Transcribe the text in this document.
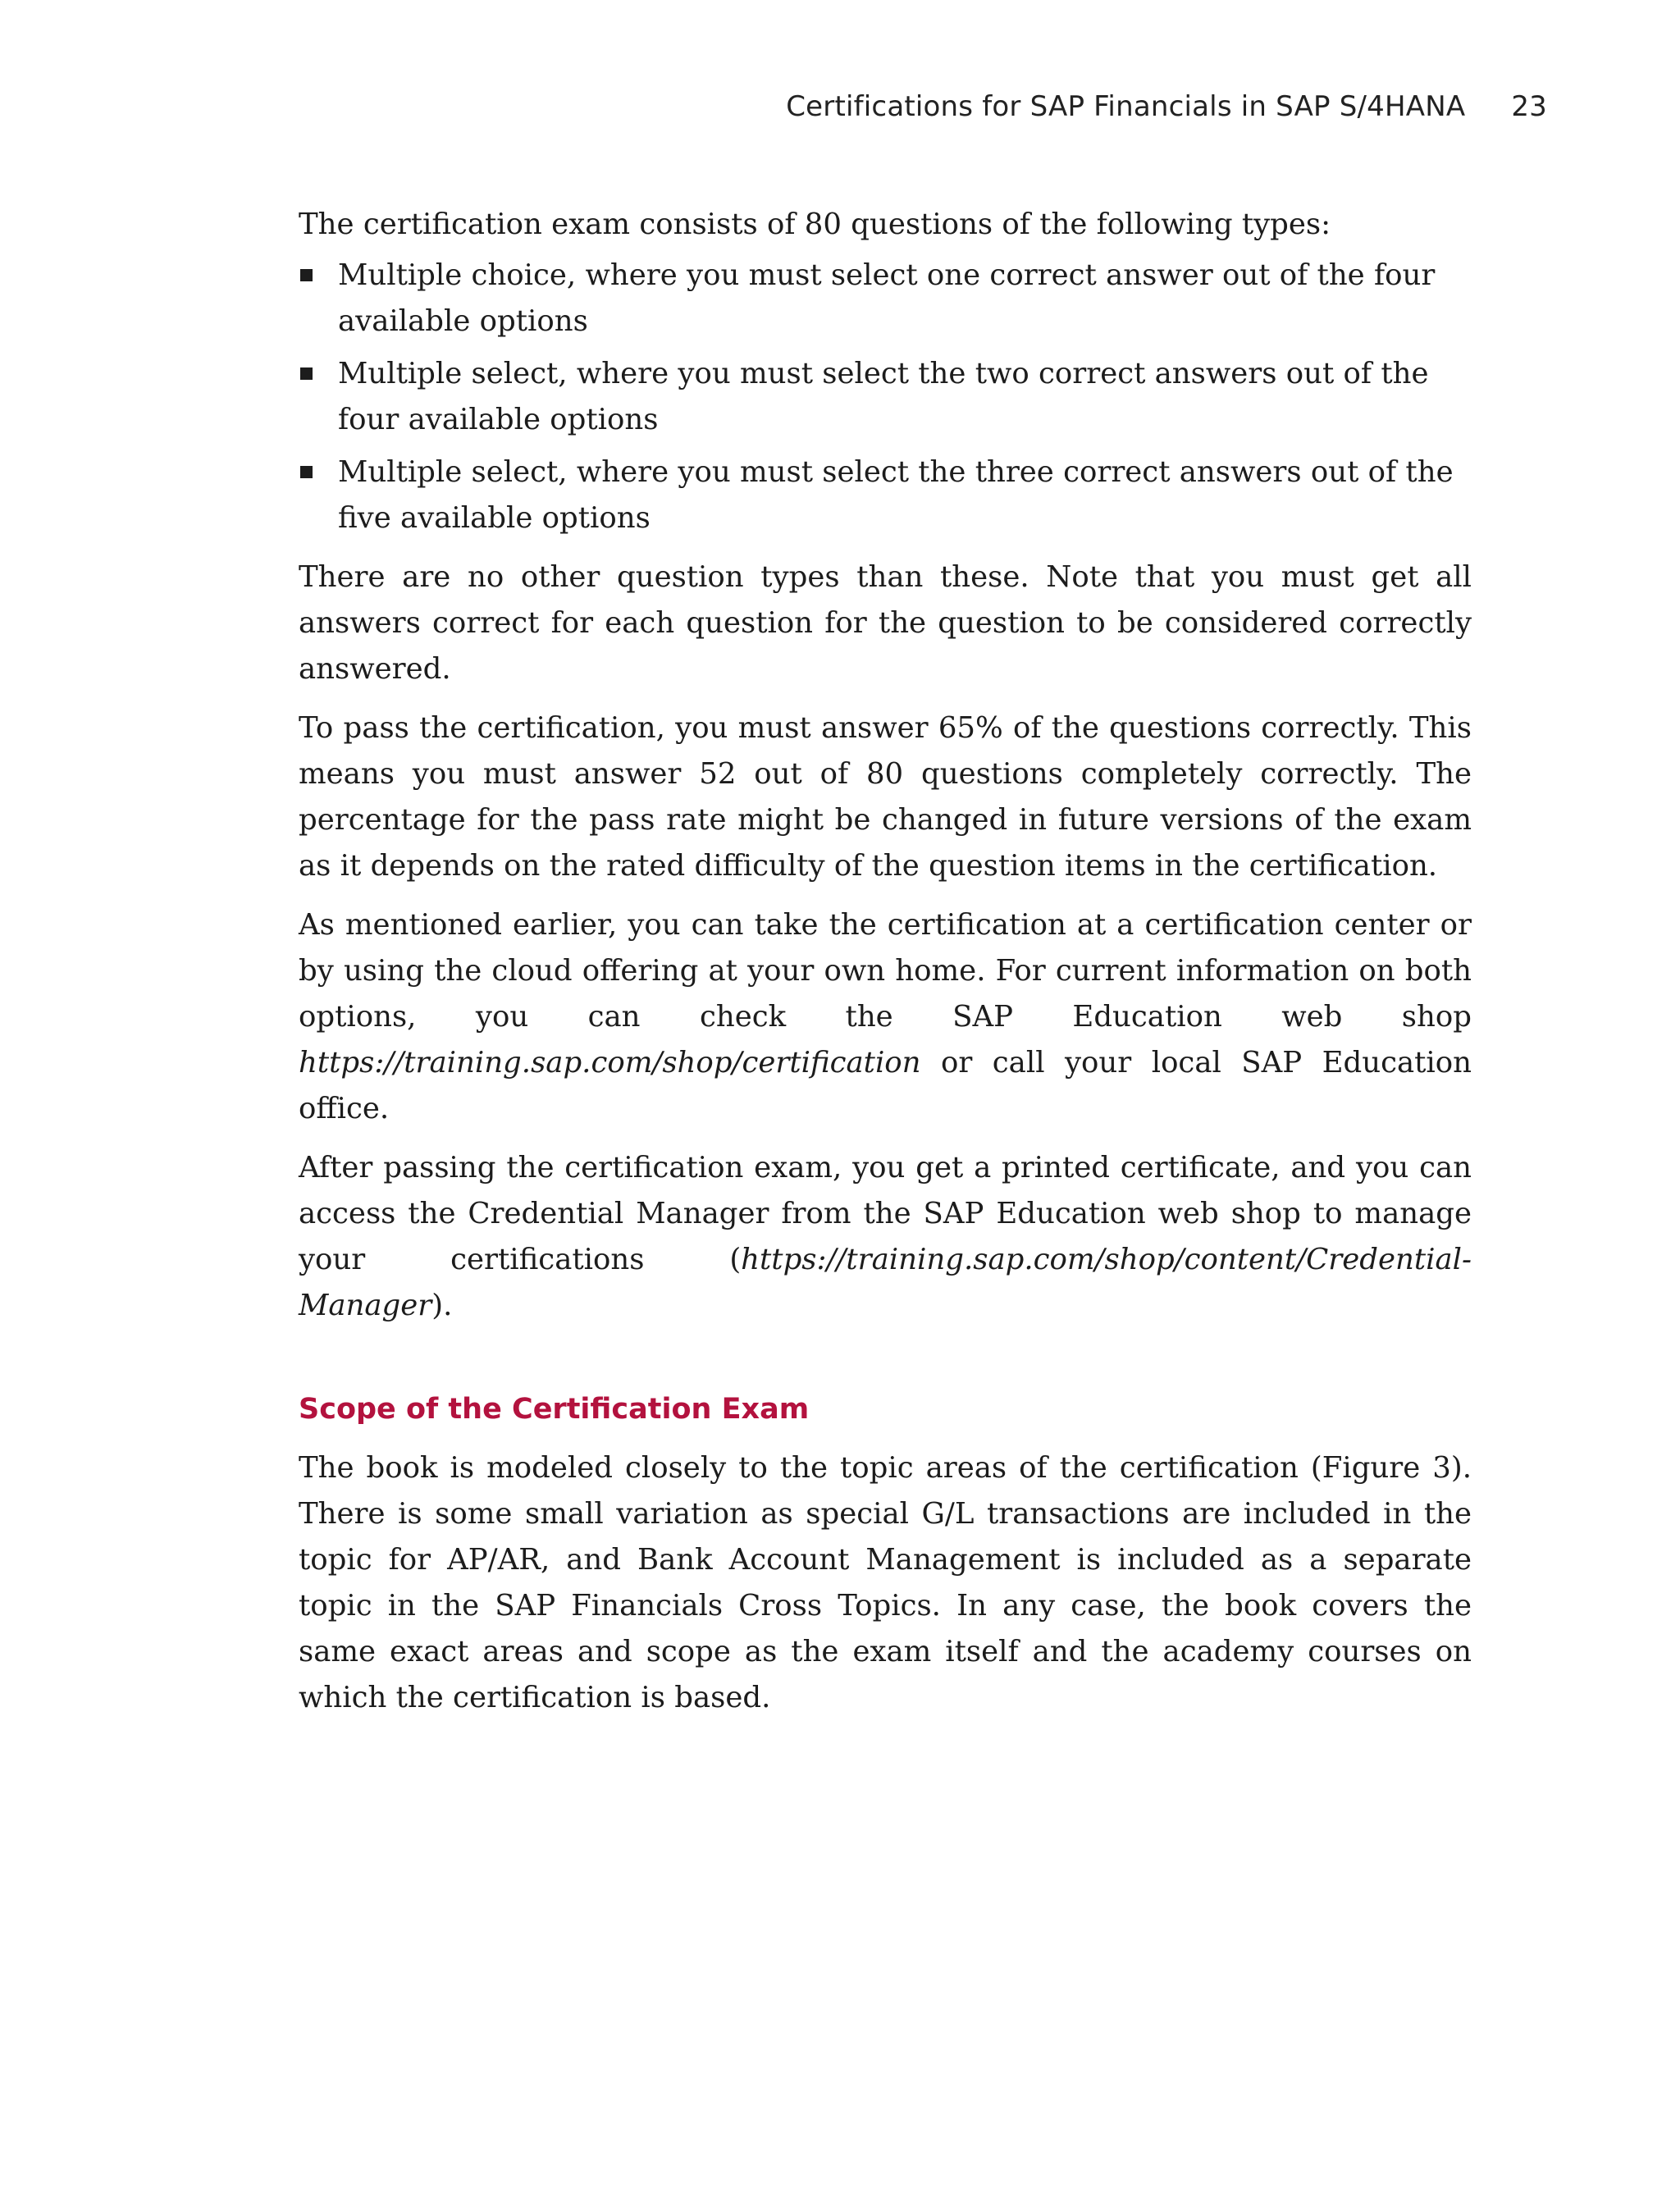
Certifications for SAP Financials in SAP S/4HANA 23

The certification exam consists of 80 questions of the following types:

Multiple choice, where you must select one correct answer out of the four available options
Multiple select, where you must select the two correct answers out of the four available options
Multiple select, where you must select the three correct answers out of the five available options

There are no other question types than these. Note that you must get all answers correct for each question for the question to be considered correctly answered.

To pass the certification, you must answer 65% of the questions correctly. This means you must answer 52 out of 80 questions completely correctly. The percentage for the pass rate might be changed in future versions of the exam as it depends on the rated difficulty of the question items in the certification.

As mentioned earlier, you can take the certification at a certification center or by using the cloud offering at your own home. For current information on both options, you can check the SAP Education web shop https://training.sap.com/shop/certification or call your local SAP Education office.

After passing the certification exam, you get a printed certificate, and you can access the Credential Manager from the SAP Education web shop to manage your certifications (https://training.sap.com/shop/content/Credential-Manager).

Scope of the Certification Exam

The book is modeled closely to the topic areas of the certification (Figure 3). There is some small variation as special G/L transactions are included in the topic for AP/AR, and Bank Account Management is included as a separate topic in the SAP Financials Cross Topics. In any case, the book covers the same exact areas and scope as the exam itself and the academy courses on which the certification is based.
